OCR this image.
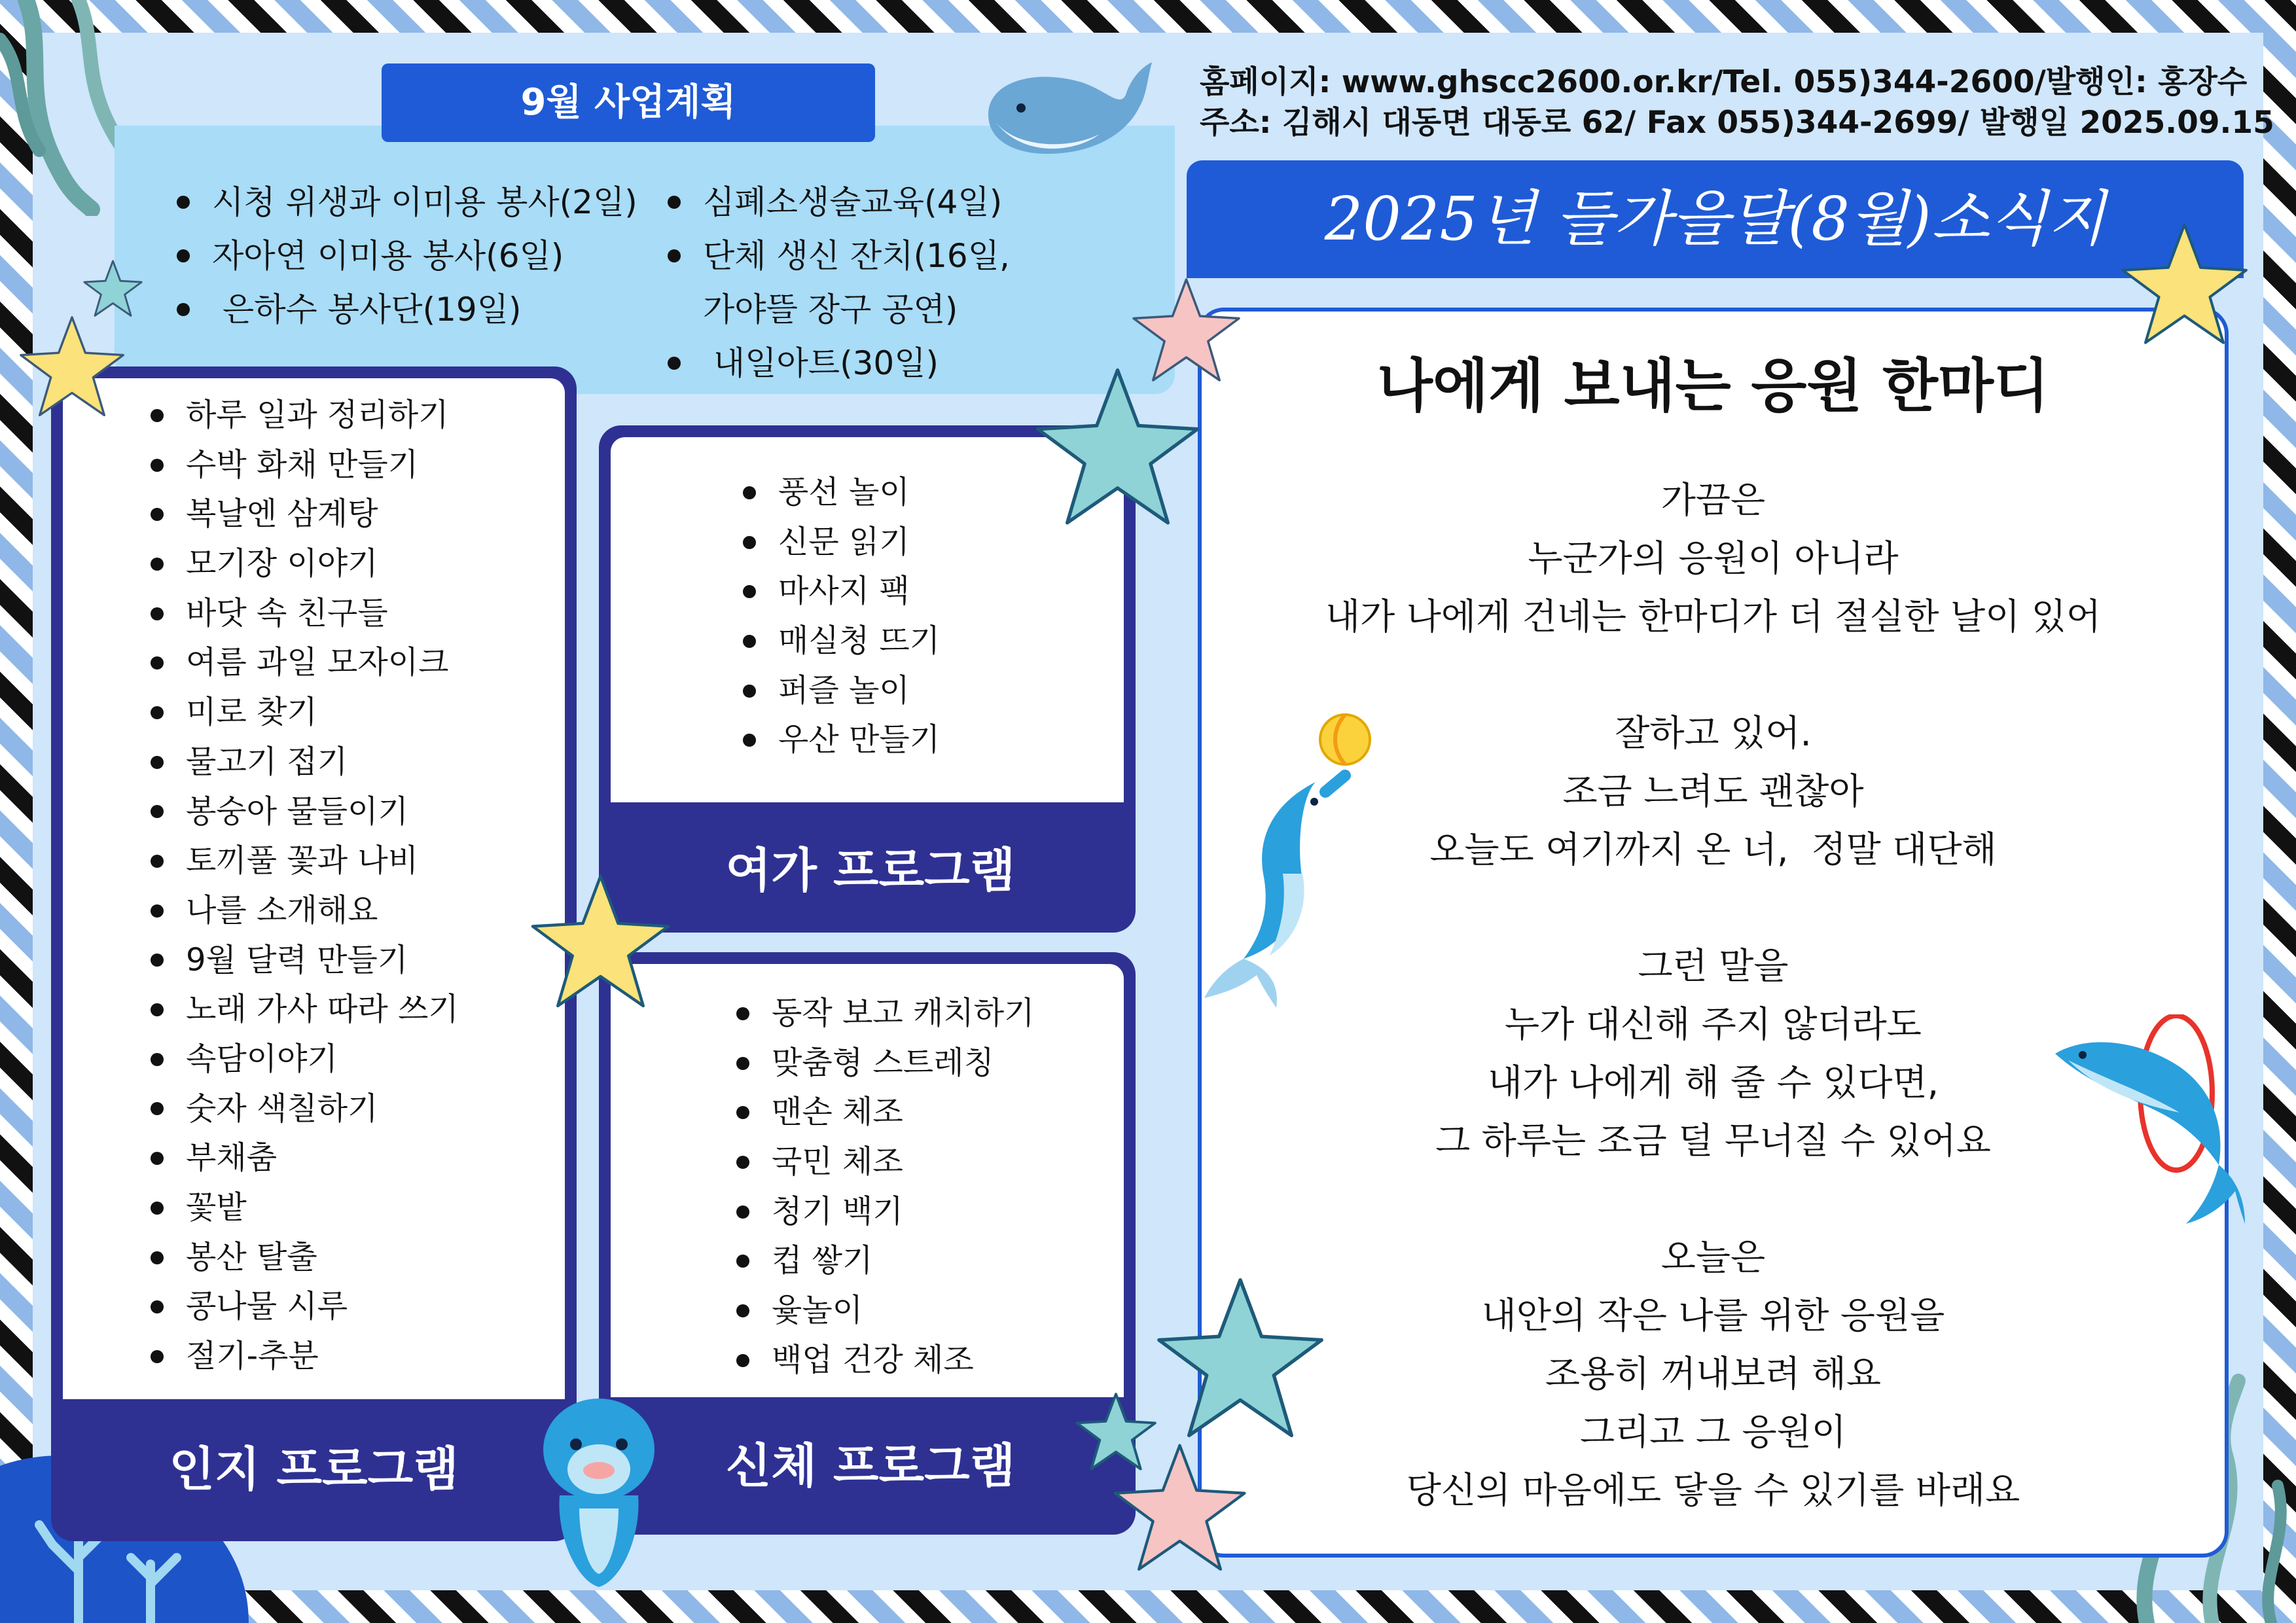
9월 사업계획
시청 위생과 이미용 봉사(2일)
자아연 이미용 봉사(6일)
은하수 봉사단(19일)
심폐소생술교육(4일)
단체 생신 잔치(16일,
가야뜰 장구 공연)
내일아트(30일)
하루 일과 정리하기
수박 화채 만들기
복날엔 삼계탕
모기장 이야기
바닷 속 친구들
여름 과일 모자이크
미로 찾기
물고기 접기
봉숭아 물들이기
토끼풀 꽃과 나비
나를 소개해요
9월 달력 만들기
노래 가사 따라 쓰기
속담이야기
숫자 색칠하기
부채춤
꽃밭
봉산 탈출
콩나물 시루
절기-추분
인지 프로그램
풍선 놀이
신문 읽기
마사지 팩
매실청 뜨기
퍼즐 놀이
우산 만들기
여가 프로그램
동작 보고 캐치하기
맞춤형 스트레칭
맨손 체조
국민 체조
청기 백기
컵 쌓기
윷놀이
백업 건강 체조
신체 프로그램
홈페이지: www.ghscc2600.or.kr/Tel. 055)344-2600/발행인: 홍장수
주소: 김해시 대동면 대동로 62/ Fax 055)344-2699/ 발행일 2025.09.15
2025년 들가을달(8월)소식지
나에게 보내는 응원 한마디
가끔은
누군가의 응원이 아니라
내가 나에게 건네는 한마디가 더 절실한 날이 있어
잘하고 있어.
조금 느려도 괜찮아
오늘도 여기까지 온 너,  정말 대단해
그런 말을
누가 대신해 주지 않더라도
내가 나에게 해 줄 수 있다면,
그 하루는 조금 덜 무너질 수 있어요
오늘은
내안의 작은 나를 위한 응원을
조용히 꺼내보려 해요
그리고 그 응원이
당신의 마음에도 닿을 수 있기를 바래요
